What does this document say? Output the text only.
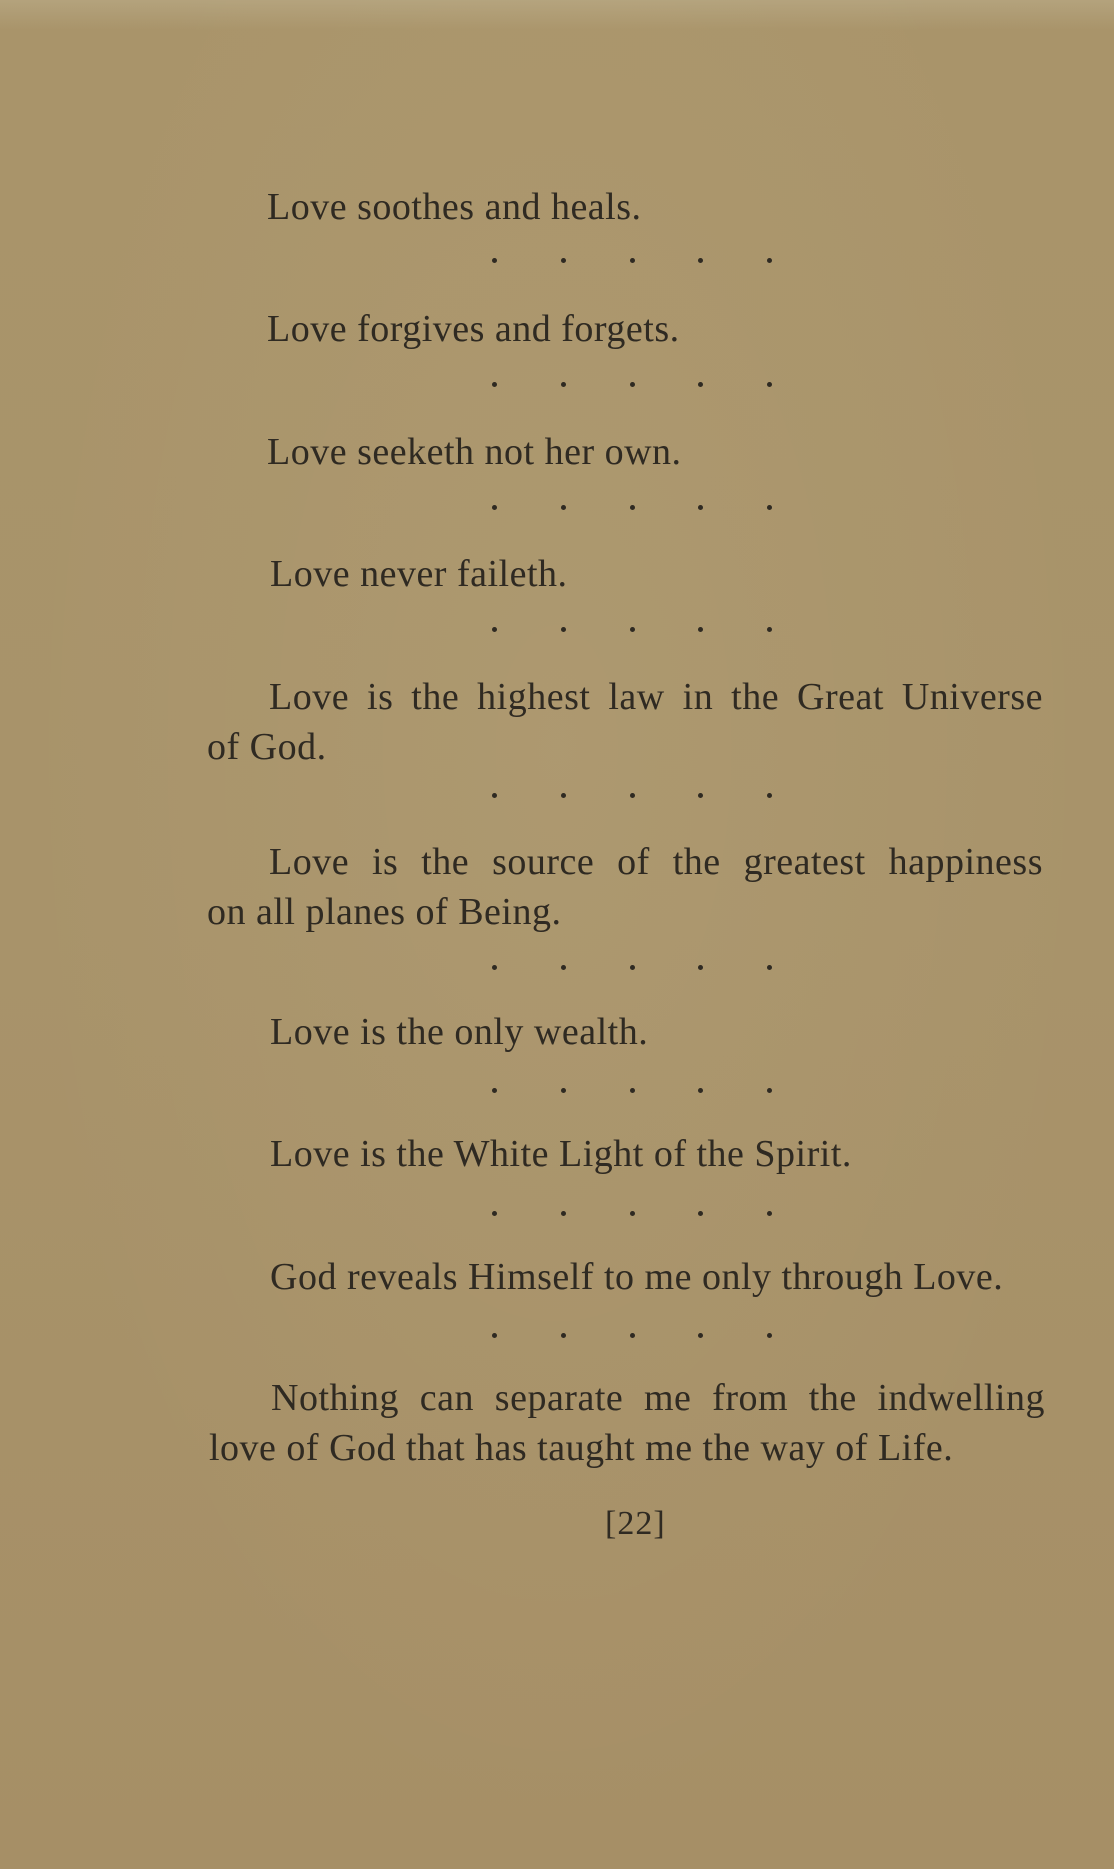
Love soothes and heals.
Love forgives and forgets.
Love seeketh not her own.
Love never faileth.
Love is the highest law in the Great Universe
of God.
Love is the source of the greatest happiness
on all planes of Being.
Love is the only wealth.
Love is the White Light of the Spirit.
God reveals Himself to me only through Love.
Nothing can separate me from the indwelling
love of God that has taught me the way of Life.
[22]
